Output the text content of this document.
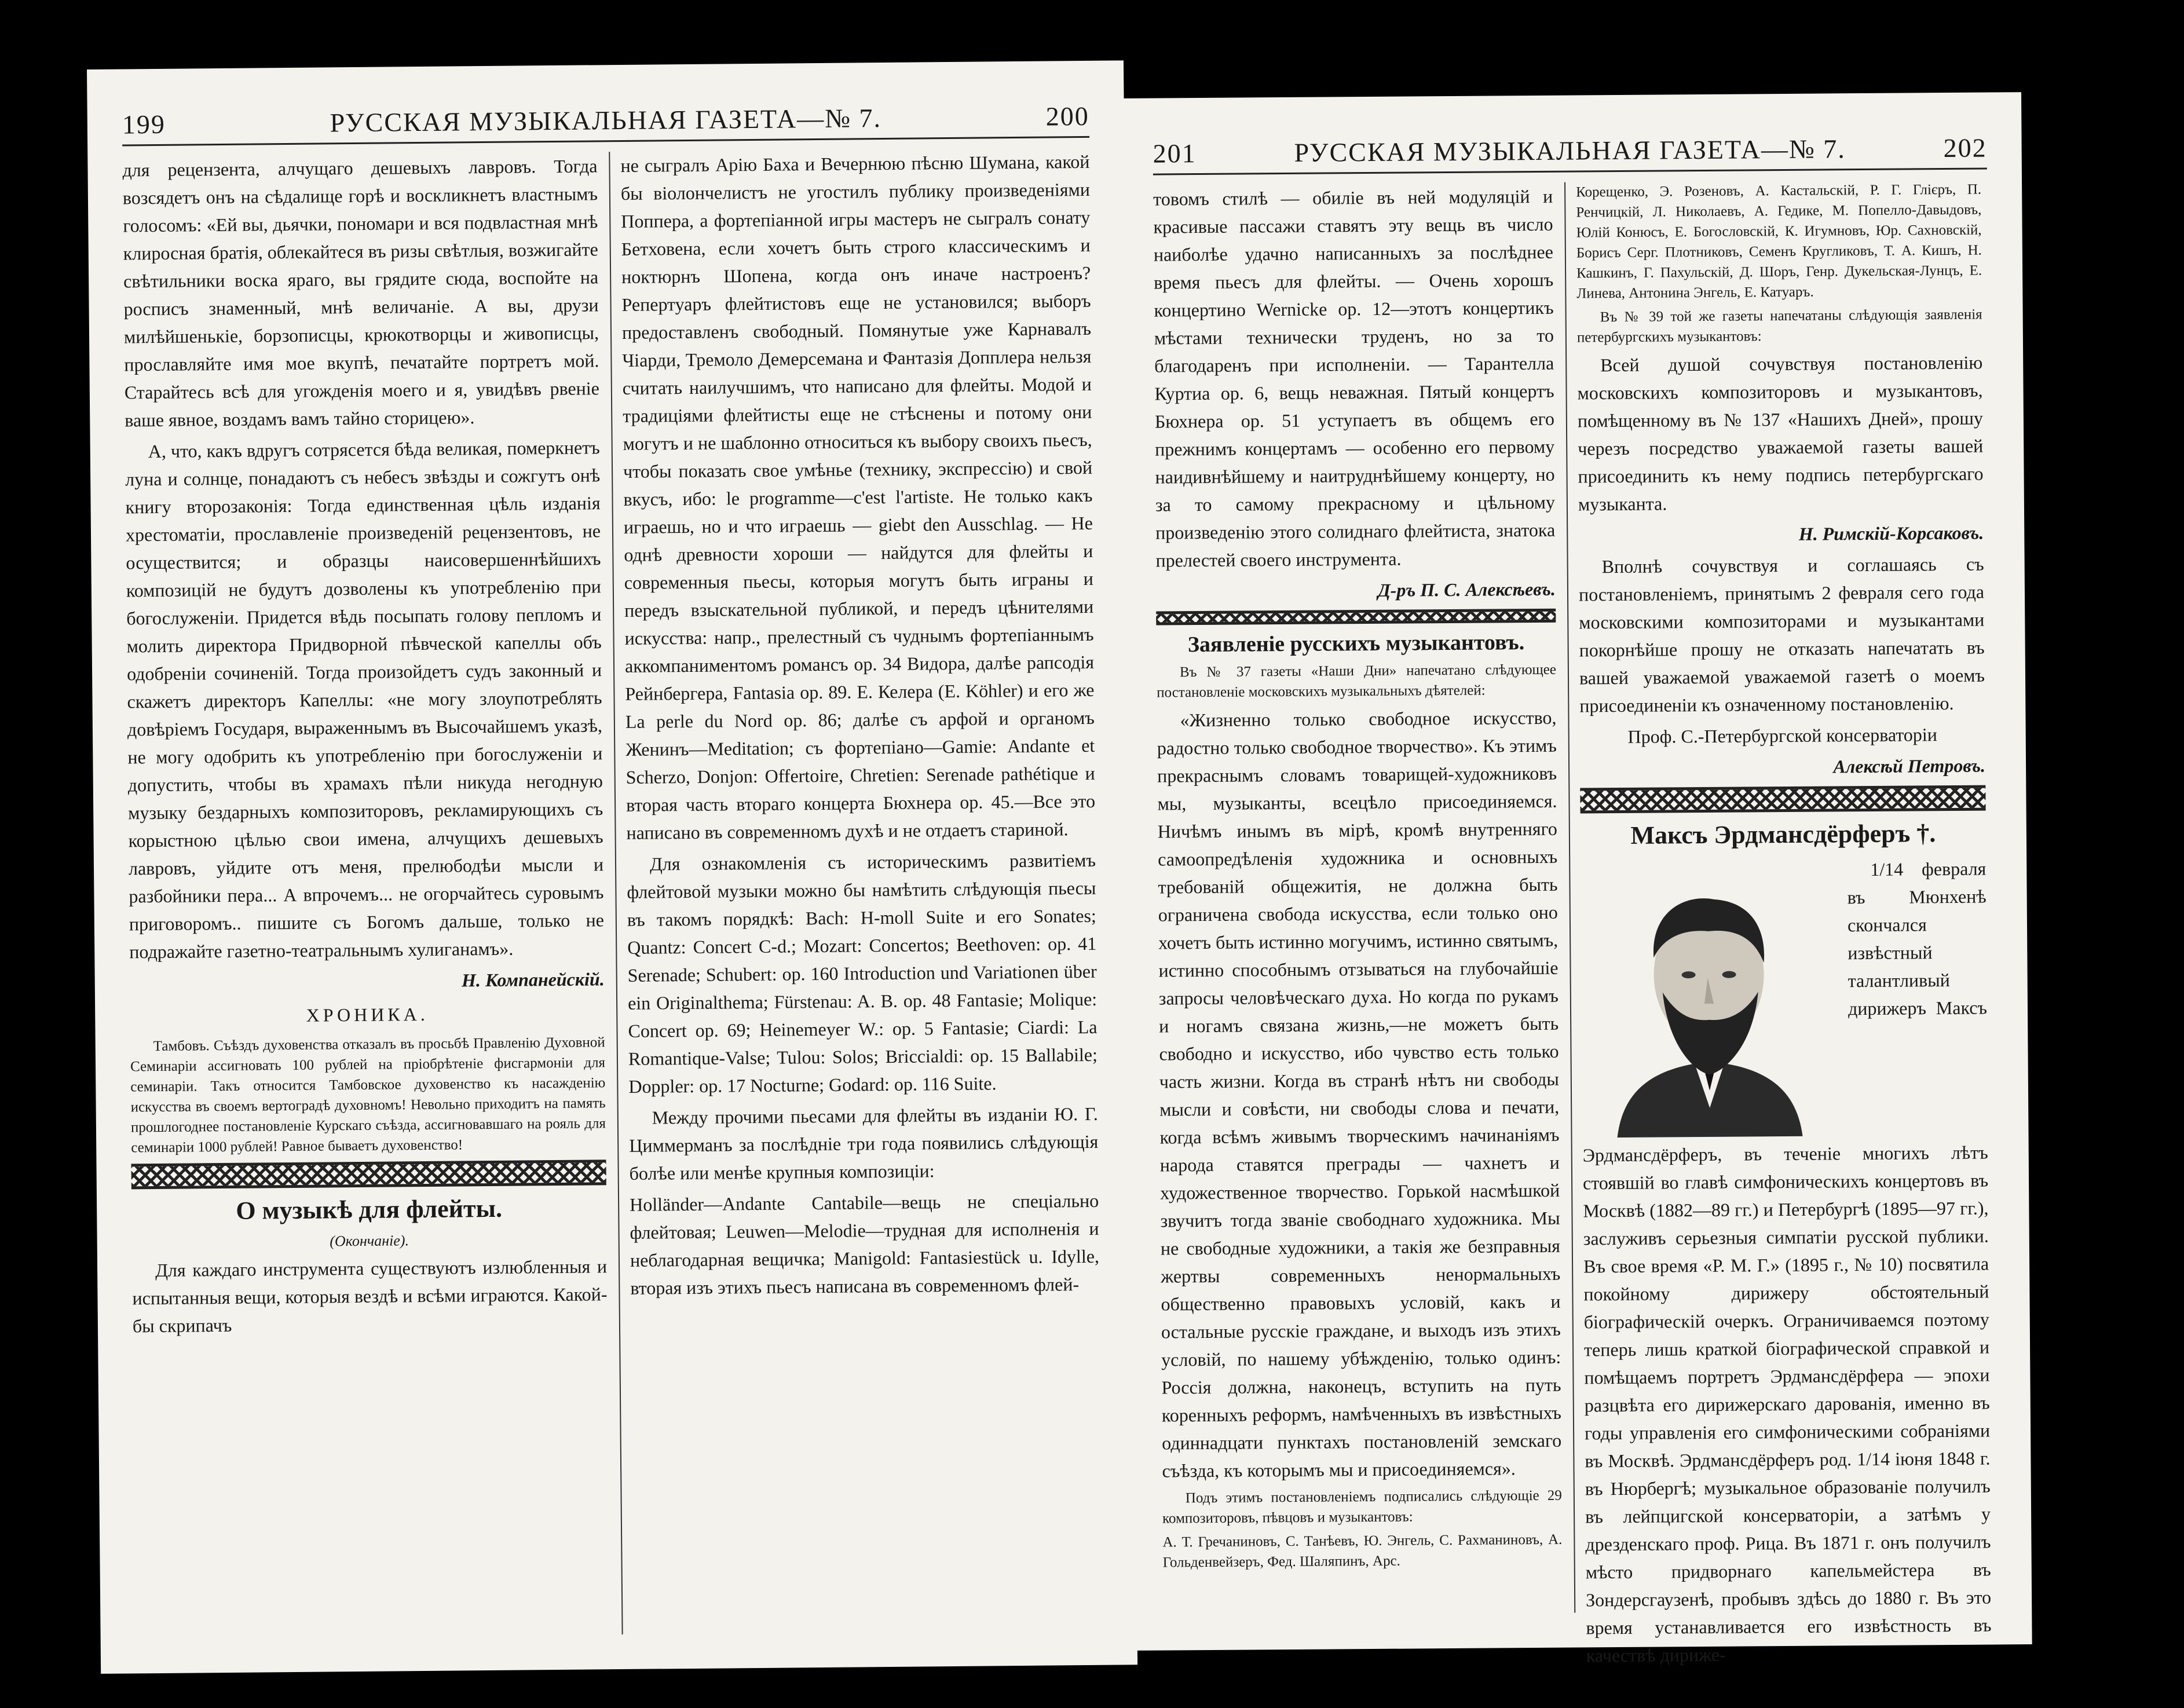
199	РУССКАЯ МУЗЫКАЛЬНАЯ ГАЗЕТА—№ 7.	200

для рецензента, алчущаго дешевыхъ лавровъ. Тогда возсядетъ онъ на сѣдалище горѣ и воскликнетъ властнымъ голосомъ: «Ей вы, дьячки, пономари и вся подвластная мнѣ клиросная братія, облекайтеся въ ризы свѣтлыя, возжигайте свѣтильники воска яраго, вы грядите сюда, воспойте на росписъ знаменный, мнѣ величаніе. А вы, друзи милѣйшенькіе, борзописцы, крюкотворцы и живописцы, прославляйте имя мое вкупѣ, печатайте портретъ мой. Старайтесь всѣ для угожденія моего и я, увидѣвъ рвеніе ваше явное, воздамъ вамъ тайно сторицею».

А, что, какъ вдругъ сотрясется бѣда великая, померкнетъ луна и солнце, понадаютъ съ небесъ звѣзды и сожгутъ онѣ книгу второзаконія: Тогда единственная цѣль изданія хрестоматіи, прославленіе произведеній рецензентовъ, не осуществится; и образцы наисовершеннѣйшихъ композицій не будутъ дозволены къ употребленію при богослуженіи. Придется вѣдь посыпать голову пепломъ и молить директора Придворной пѣвческой капеллы объ одобреніи сочиненій. Тогда произойдетъ судъ законный и скажетъ директоръ Капеллы: «не могу злоупотреблять довѣріемъ Государя, выраженнымъ въ Высочайшемъ указѣ, не могу одобрить къ употребленію при богослуженіи и допустить, чтобы въ храмахъ пѣли никуда негодную музыку бездарныхъ композиторовъ, рекламирующихъ съ корыстною цѣлью свои имена, алчущихъ дешевыхъ лавровъ, уйдите отъ меня, прелюбодѣи мысли и разбойники пера... А впрочемъ... не огорчайтесь суровымъ приговоромъ.. пишите съ Богомъ дальше, только не подражайте газетно-театральнымъ хулиганамъ».

Н. Компанейскій.

ХРОНИКА.

Тамбовъ. Съѣздъ духовенства отказалъ въ просьбѣ Правленію Духовной Семинаріи ассигновать 100 рублей на пріобрѣтеніе фисгармоніи для семинаріи. Такъ относится Тамбовское духовенство къ насажденію искусства въ своемъ вертоградѣ духовномъ! Невольно приходитъ на память прошлогоднее постановленіе Курскаго съѣзда, ассигновавшаго на рояль для семинаріи 1000 рублей! Равное бываетъ духовенство!

О музыкѣ для флейты.

(Окончаніе).

Для каждаго инструмента существуютъ излюбленныя и испытанныя вещи, которыя вездѣ и всѣми играются. Какой-бы скрипачъ

не сыгралъ Арію Баха и Вечернюю пѣсню Шумана, какой бы віолончелистъ не угостилъ публику произведеніями Поппера, а фортепіанной игры мастеръ не сыгралъ сонату Бетховена, если хочетъ быть строго классическимъ и ноктюрнъ Шопена, когда онъ иначе настроенъ? Репертуаръ флейтистовъ еще не установился; выборъ предоставленъ свободный. Помянутые уже Карнавалъ Чіарди, Тремоло Демерсемана и Фантазія Допплера нельзя считать наилучшимъ, что написано для флейты. Модой и традиціями флейтисты еще не стѣснены и потому они могутъ и не шаблонно относиться къ выбору своихъ пьесъ, чтобы показать свое умѣнье (технику, экспрессію) и свой вкусъ, ибо: le programme—c'est l'artiste. Не только какъ играешь, но и что играешь — giebt den Ausschlag. — Не однѣ древности хороши — найдутся для флейты и современныя пьесы, которыя могутъ быть играны и передъ взыскательной публикой, и передъ цѣнителями искусства: напр., прелестный съ чуднымъ фортепіаннымъ аккомпаниментомъ романсъ ор. 34 Видора, далѣе рапсодія Рейнбергера, Fantasia ор. 89. Е. Келера (E. Köhler) и его же La perle du Nord ор. 86; далѣе съ арфой и органомъ Женинъ—Meditation; съ фортепіано—Gamie: Andante et Scherzo, Donjon: Offertoire, Chretien: Serenade pathétique и вторая часть втораго концерта Бюхнера ор. 45.—Все это написано въ современномъ духѣ и не отдаетъ стариной.

Для ознакомленія съ историческимъ развитіемъ флейтовой музыки можно бы намѣтить слѣдующія пьесы въ такомъ порядкѣ: Bach: H-moll Suite и его Sonates; Quantz: Concert C-d.; Mozart: Concertos; Beethoven: op. 41 Serenade; Schubert: op. 160 Introduction und Variationen über ein Originalthema; Fürstenau: A. B. op. 48 Fantasie; Molique: Concert op. 69; Heinemeyer W.: op. 5 Fantasie; Ciardi: La Romantique-Valse; Tulou: Solos; Briccialdi: op. 15 Ballabile; Doppler: op. 17 Nocturne; Godard: op. 116 Suite.

Между прочими пьесами для флейты въ изданіи Ю. Г. Циммерманъ за послѣдніе три года появились слѣдующія болѣе или менѣе крупныя композиціи:

Holländer—Andante Cantabile—вещь не спеціально флейтовая; Leuwen—Melodie—трудная для исполненія и неблагодарная вещичка; Manigold: Fantasiestück u. Idylle, вторая изъ этихъ пьесъ написана въ современномъ флей-

201	РУССКАЯ МУЗЫКАЛЬНАЯ ГАЗЕТА—№ 7.	202

товомъ стилѣ — обиліе въ ней модуляцій и красивые пассажи ставятъ эту вещь въ число наиболѣе удачно написанныхъ за послѣднее время пьесъ для флейты. — Очень хорошъ концертино Wernicke ор. 12—этотъ концертикъ мѣстами технически труденъ, но за то благодаренъ при исполненіи. — Тарантелла Куртиа ор. 6, вещь неважная. Пятый концертъ Бюхнера ор. 51 уступаетъ въ общемъ его прежнимъ концертамъ — особенно его первому наидивнѣйшему и наитруднѣйшему концерту, но за то самому прекрасному и цѣльному произведенію этого солиднаго флейтиста, знатока прелестей своего инструмента.

Д-ръ П. С. Алексѣевъ.

Заявленіе русскихъ музыкантовъ.

Въ № 37 газеты «Наши Дни» напечатано слѣдующее постановленіе московскихъ музыкальныхъ дѣятелей:

«Жизненно только свободное искусство, радостно только свободное творчество». Къ этимъ прекраснымъ словамъ товарищей-художниковъ мы, музыканты, всецѣло присоединяемся. Ничѣмъ инымъ въ мірѣ, кромѣ внутренняго самоопредѣленія художника и основныхъ требованій общежитія, не должна быть ограничена свобода искусства, если только оно хочетъ быть истинно могучимъ, истинно святымъ, истинно способнымъ отзываться на глубочайшіе запросы человѣческаго духа. Но когда по рукамъ и ногамъ связана жизнь,—не можетъ быть свободно и искусство, ибо чувство есть только часть жизни. Когда въ странѣ нѣтъ ни свободы мысли и совѣсти, ни свободы слова и печати, когда всѣмъ живымъ творческимъ начинаніямъ народа ставятся преграды — чахнетъ и художественное творчество. Горькой насмѣшкой звучитъ тогда званіе свободнаго художника. Мы не свободные художники, а такія же безправныя жертвы современныхъ ненормальныхъ общественно правовыхъ условій, какъ и остальные русскіе граждане, и выходъ изъ этихъ условій, по нашему убѣжденію, только одинъ: Россія должна, наконецъ, вступить на путь коренныхъ реформъ, намѣченныхъ въ извѣстныхъ одиннадцати пунктахъ постановленій земскаго съѣзда, къ которымъ мы и присоединяемся».

Подъ этимъ постановленіемъ подписались слѣдующіе 29 композиторовъ, пѣвцовъ и музыкантовъ:

А. Т. Гречаниновъ, С. Танѣевъ, Ю. Энгель, С. Рахманиновъ, А. Гольденвейзеръ, Фед. Шаляпинъ, Арс.

Корещенко, Э. Розеновъ, А. Кастальскій, Р. Г. Глієръ, П. Ренчицкій, Л. Николаевъ, А. Гедике, М. Попелло-Давыдовъ, Юлій Конюсъ, Е. Богословскій, К. Игумновъ, Юр. Сахновскій, Борисъ Серг. Плотниковъ, Семенъ Кругликовъ, Т. А. Кишъ, Н. Кашкинъ, Г. Пахульскій, Д. Шоръ, Генр. Дукельская-Лунцъ, Е. Линева, Антонина Энгель, Е. Катуаръ.

Въ № 39 той же газеты напечатаны слѣдующія заявленія петербургскихъ музыкантовъ:

Всей душой сочувствуя постановленію московскихъ композиторовъ и музыкантовъ, помѣщенному въ № 137 «Нашихъ Дней», прошу черезъ посредство уважаемой газеты вашей присоединить къ нему подпись петербургскаго музыканта.

Н. Римскій-Корсаковъ.

Вполнѣ сочувствуя и соглашаясь съ постановленіемъ, принятымъ 2 февраля сего года московскими композиторами и музыкантами покорнѣйше прошу не отказать напечатать въ вашей уважаемой уважаемой газетѣ о моемъ присоединеніи къ означенному постановленію.

Проф. С.-Петербургской консерваторіи

Алексѣй Петровъ.

Максъ Эрдмансдёрферъ †.

1/14 февраля въ Мюнхенѣ скончался извѣстный талантливый дирижеръ Максъ Эрдмансдёрферъ, въ теченіе многихъ лѣтъ стоявшій во главѣ симфоническихъ концертовъ въ Москвѣ (1882—89 гг.) и Петербургѣ (1895—97 гг.), заслуживъ серьезныя симпатіи русской публики. Въ свое время «Р. М. Г.» (1895 г., № 10) посвятила покойному дирижеру обстоятельный біографическій очеркъ. Ограничиваемся поэтому теперь лишь краткой біографической справкой и помѣщаемъ портретъ Эрдмансдёрфера — эпохи разцвѣта его дирижерскаго дарованія, именно въ годы управленія его симфоническими собраніями въ Москвѣ. Эрдмансдёрферъ род. 1/14 іюня 1848 г. въ Нюрбергѣ; музыкальное образованіе получилъ въ лейпцигской консерваторіи, а затѣмъ у дрезденскаго проф. Рица. Въ 1871 г. онъ получилъ мѣсто придворнаго капельмейстера въ Зондерсгаузенѣ, пробывъ здѣсь до 1880 г. Въ это время устанавливается его извѣстность въ качествѣ дириже-
